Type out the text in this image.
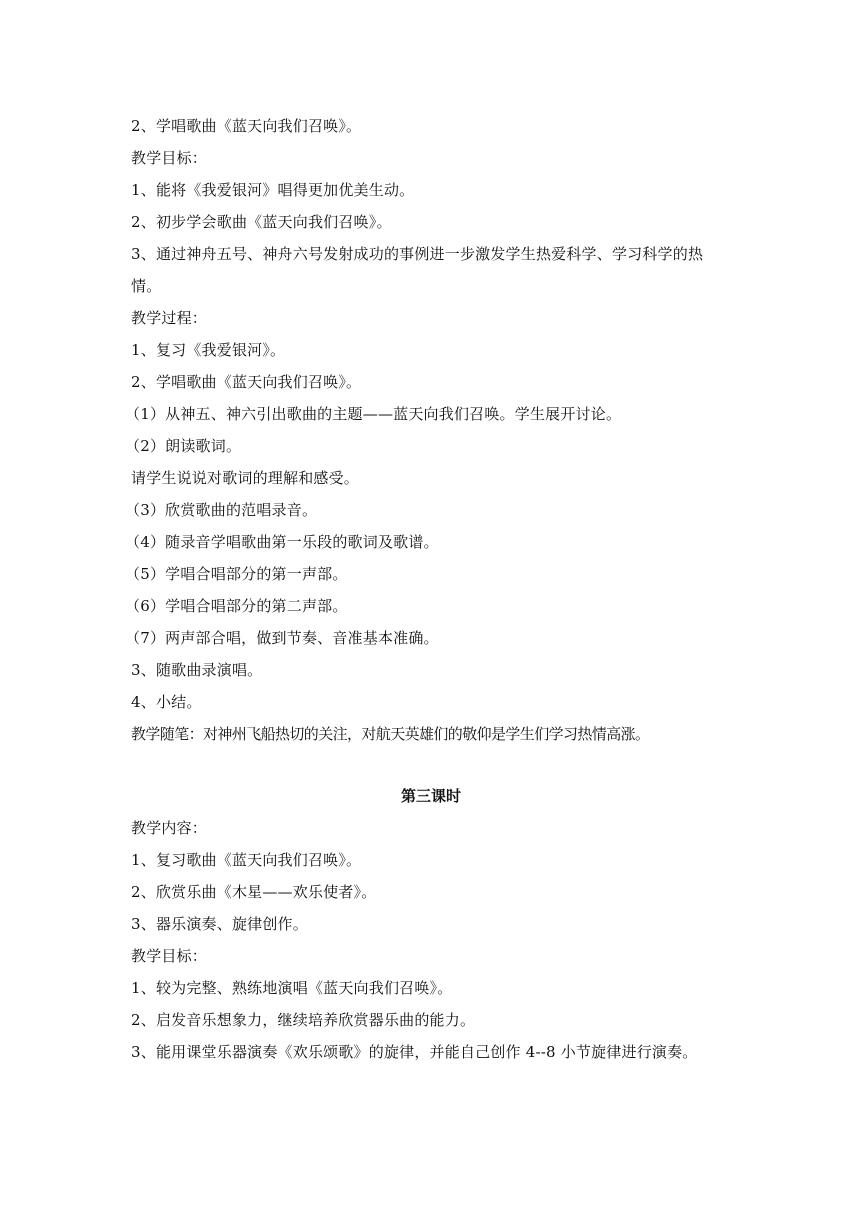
2、学唱歌曲《蓝天向我们召唤》。
教学目标：
1、能将《我爱银河》唱得更加优美生动。
2、初步学会歌曲《蓝天向我们召唤》。
3、通过神舟五号、神舟六号发射成功的事例进一步激发学生热爱科学、学习科学的热情。
教学过程：
1、复习《我爱银河》。
2、学唱歌曲《蓝天向我们召唤》。
（1）从神五、神六引出歌曲的主题——蓝天向我们召唤。学生展开讨论。
（2）朗读歌词。
请学生说说对歌词的理解和感受。
（3）欣赏歌曲的范唱录音。
（4）随录音学唱歌曲第一乐段的歌词及歌谱。
（5）学唱合唱部分的第一声部。
（6）学唱合唱部分的第二声部。
（7）两声部合唱，做到节奏、音准基本准确。
3、随歌曲录演唱。
4、小结。
教学随笔：对神州飞船热切的关注，对航天英雄们的敬仰是学生们学习热情高涨。
第三课时
教学内容：
1、复习歌曲《蓝天向我们召唤》。
2、欣赏乐曲《木星——欢乐使者》。
3、器乐演奏、旋律创作。
教学目标：
1、较为完整、熟练地演唱《蓝天向我们召唤》。
2、启发音乐想象力，继续培养欣赏器乐曲的能力。
3、能用课堂乐器演奏《欢乐颂歌》的旋律，并能自己创作 4--8 小节旋律进行演奏。
